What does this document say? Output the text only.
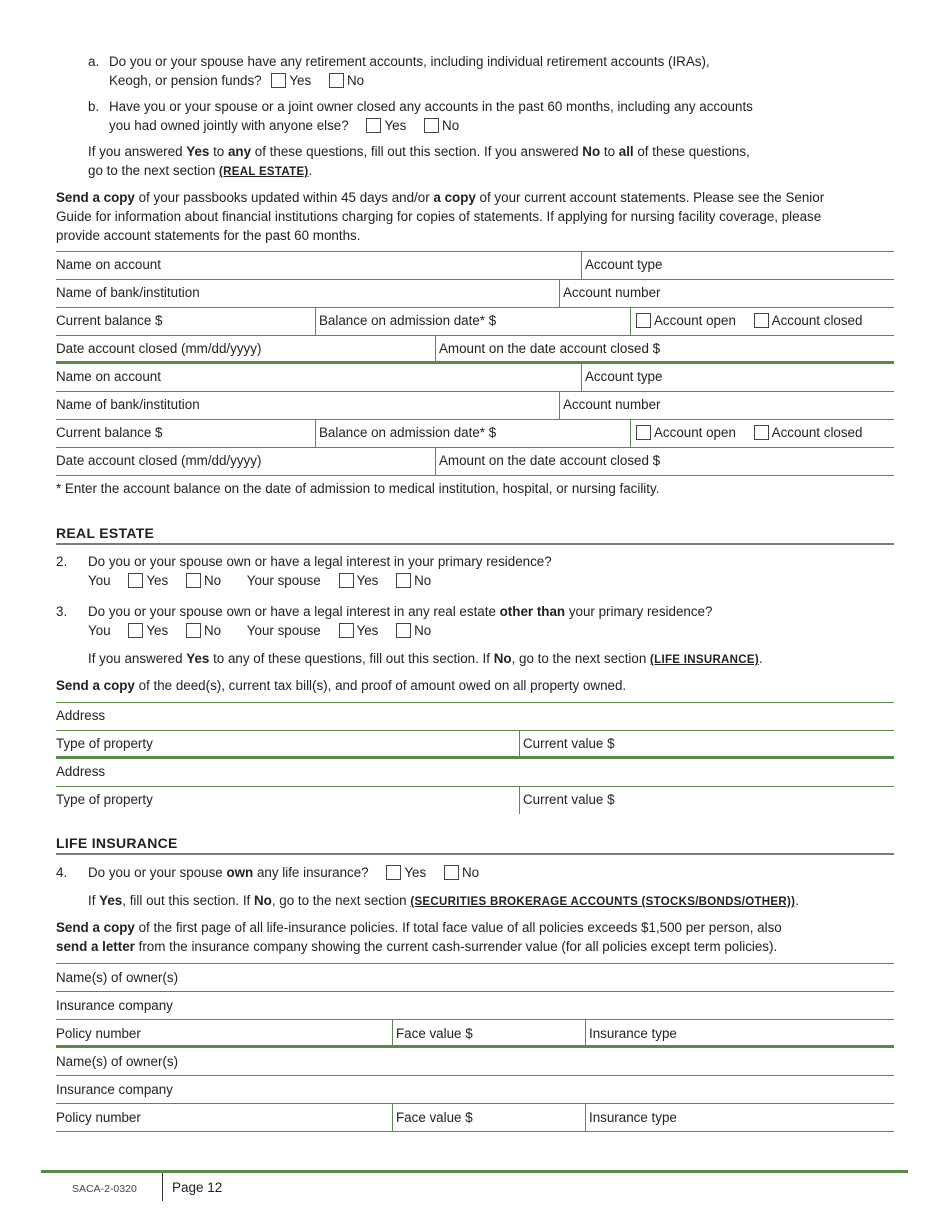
a. Do you or your spouse have any retirement accounts, including individual retirement accounts (IRAs),
Keogh, or pension funds? Yes	No
b. Have you or your spouse or a joint owner closed any accounts in the past 60 months, including any accounts
you had owned jointly with anyone else?	Yes	No
If you answered Yes to any of these questions, fill out this section. If you answered No to all of these questions,
go to the next section (REAL ESTATE).
Send a copy of your passbooks updated within 45 days and/or a copy of your current account statements. Please see the Senior
Guide for information about financial institutions charging for copies of statements. If applying for nursing facility coverage, please
provide account statements for the past 60 months.
Name on account	Account type
Name of bank/institution	Account number
Current balance $	Balance on admission date* $	Account open	Account closed
Date account closed (mm/dd/yyyy)	Amount on the date account closed $
Name on account	Account type
Name of bank/institution	Account number
Current balance $	Balance on admission date* $	Account open	Account closed
Date account closed (mm/dd/yyyy)	Amount on the date account closed $
* Enter the account balance on the date of admission to medical institution, hospital, or nursing facility.
REAL ESTATE
2. Do you or your spouse own or have a legal interest in your primary residence?
You	Yes	No Your spouse	Yes	No
3. Do you or your spouse own or have a legal interest in any real estate other than your primary residence?
You	Yes	No Your spouse	Yes	No
If you answered Yes to any of these questions, fill out this section. If No, go to the next section (LIFE INSURANCE).
Send a copy of the deed(s), current tax bill(s), and proof of amount owed on all property owned.
Address
Type of property	Current value $
Address
Type of property	Current value $
LIFE INSURANCE
4. Do you or your spouse own any life insurance?	Yes	No
If Yes, fill out this section. If No, go to the next section (SECURITIES BROKERAGE ACCOUNTS (STOCKS/BONDS/OTHER)).
Send a copy of the first page of all life-insurance policies. If total face value of all policies exceeds $1,500 per person, also
send a letter from the insurance company showing the current cash-surrender value (for all policies except term policies).
Name(s) of owner(s)
Insurance company
Policy number	Face value $	Insurance type
Name(s) of owner(s)
Insurance company
Policy number	Face value $	Insurance type
SACA-2-0320	Page 12
